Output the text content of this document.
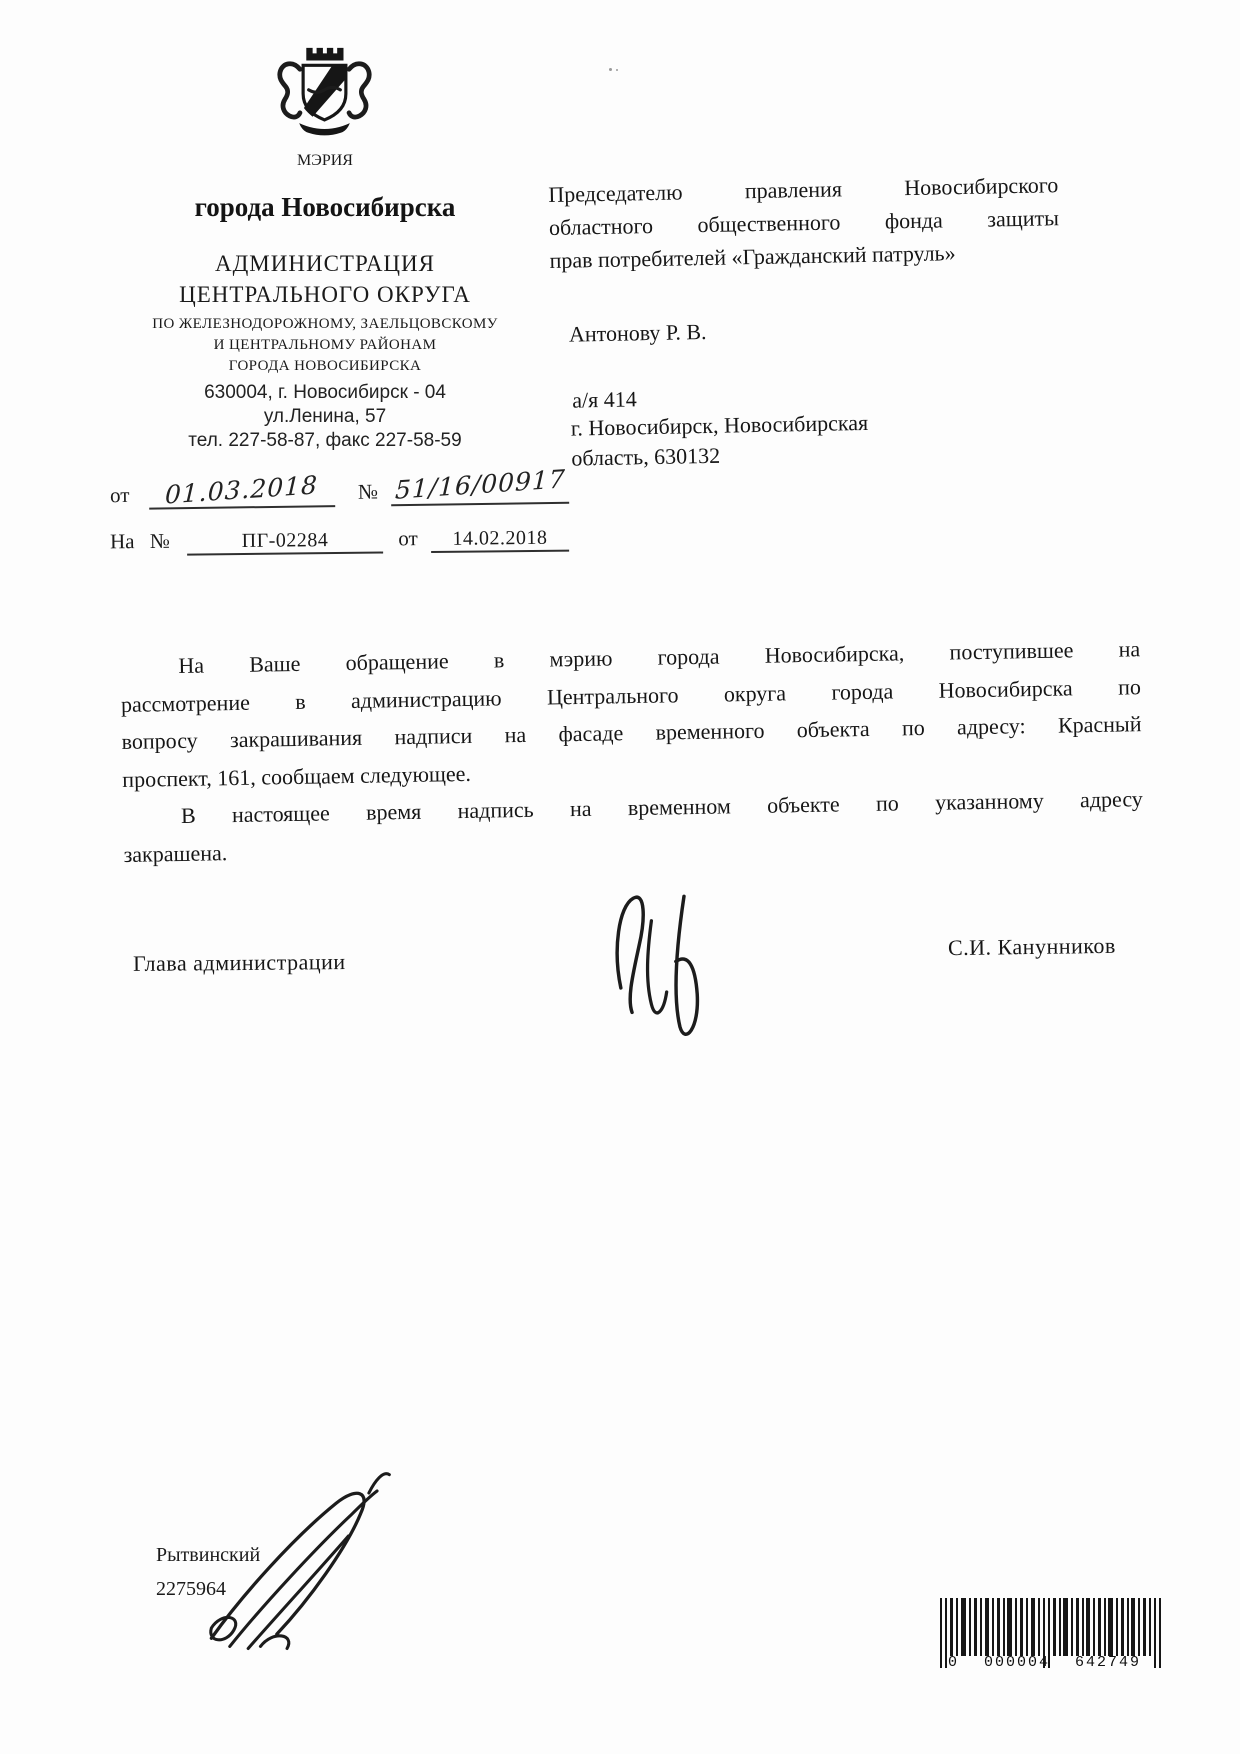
МЭРИЯ
города Новосибирска
АДМИНИСТРАЦИЯ
ЦЕНТРАЛЬНОГО ОКРУГА
ПО ЖЕЛЕЗНОДОРОЖНОМУ, ЗАЕЛЬЦОВСКОМУ
И ЦЕНТРАЛЬНОМУ РАЙОНАМ
ГОРОДА НОВОСИБИРСКА
630004, г. Новосибирск - 04
ул.Ленина, 57
тел. 227-58-87, факс 227-58-59
от 01.03.2018 № 51/16/00917
На №	ПГ-02284	от 14.02.2018
Председателю правления Новосибирского
областного общественного фонда защиты
прав потребителей «Гражданский патруль»
Антонову Р. В.
а/я 414
г. Новосибирск, Новосибирская
область, 630132
На Ваше обращение в мэрию города Новосибирска, поступившее на
рассмотрение в администрацию Центрального округа города Новосибирска по
вопросу закрашивания надписи на фасаде временного объекта по адресу: Красный
проспект, 161, сообщаем следующее.
В настоящее время надпись на временном объекте по указанному адресу
закрашена.
Глава администрации
С.И. Канунников
Рытвинский
2275964
0 000004 642749
